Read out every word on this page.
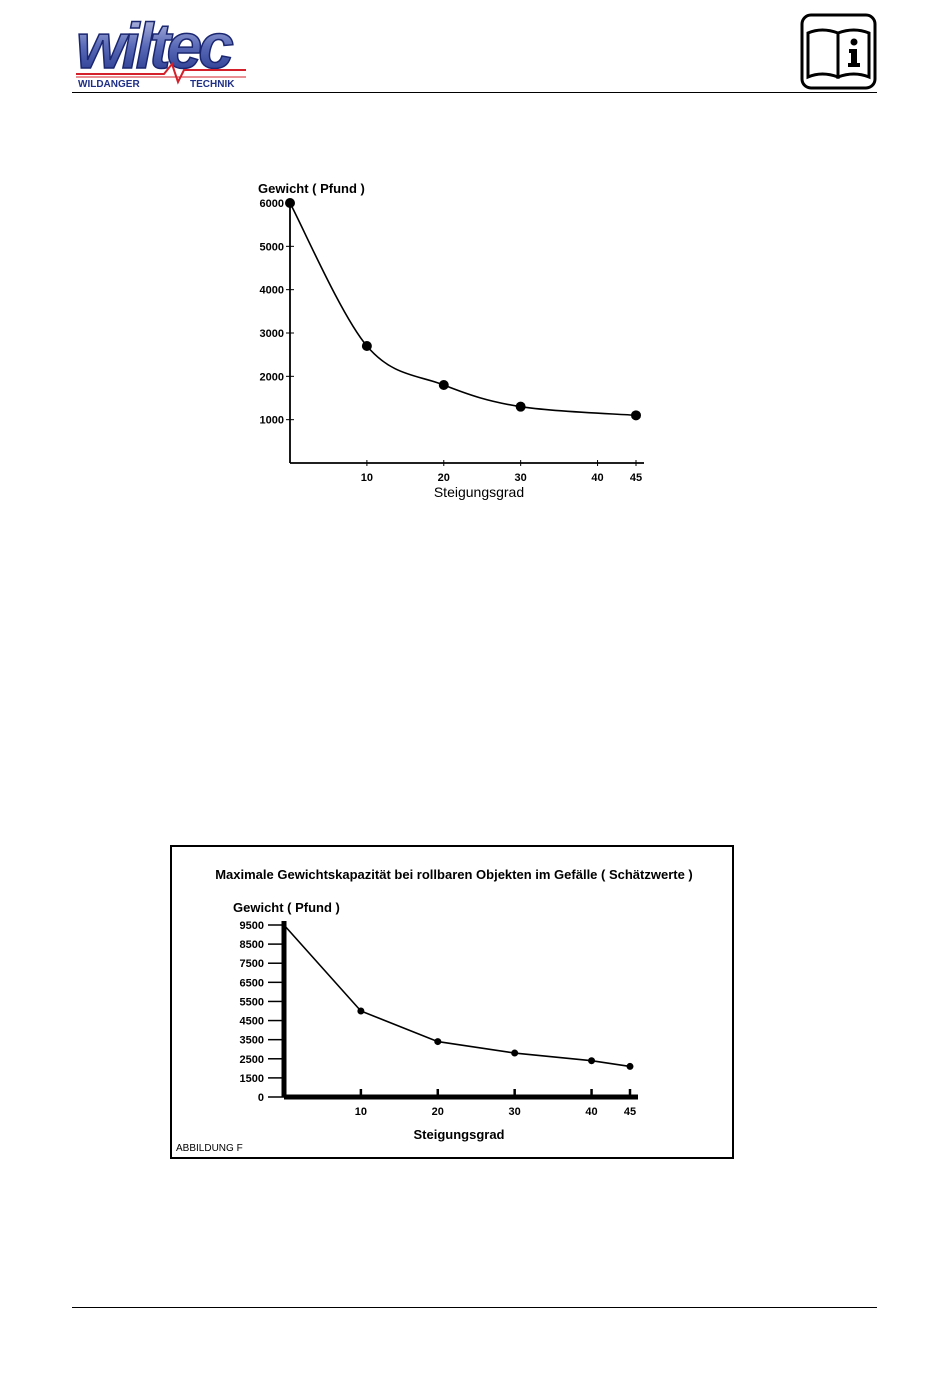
wiltec
WILDANGER	TECHNIK
Gewicht ( Pfund )
1000
2000
3000
4000
5000
6000
10	20	30	40 45
Steigungsgrad
Maximale Gewichtskapazität bei rollbaren Objekten im Gefälle ( Schätzwerte )
Gewicht ( Pfund )
0
1500
2500
3500
4500
5500
6500
7500
8500
9500
10	20	30	40 45
Steigungsgrad
ABBILDUNG F
